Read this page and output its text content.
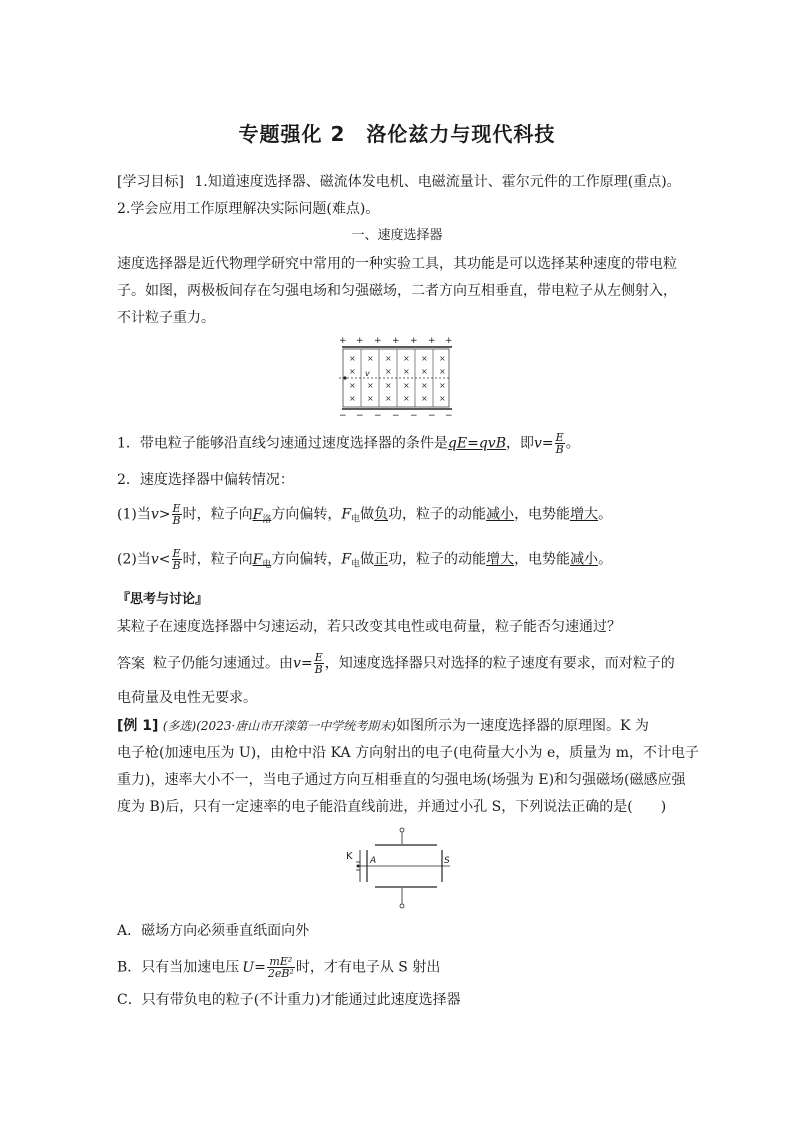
专题强化 2　洛伦兹力与现代科技
[学习目标] 1.知道速度选择器、磁流体发电机、电磁流量计、霍尔元件的工作原理(重点)。
2.学会应用工作原理解决实际问题(难点)。
一、速度选择器
速度选择器是近代物理学研究中常用的一种实验工具，其功能是可以选择某种速度的带电粒
子。如图，两极板间存在匀强电场和匀强磁场，二者方向互相垂直，带电粒子从左侧射入，
不计粒子重力。
+ + + + + + +
× × × × × ×
×	× × × ×
× × × × × ×
× × × × × ×
v
− − − − − − −
1．带电粒子能够沿直线匀速通过速度选择器的条件是qE=qvB，即$v= \frac{E}{B}$ 。
2．速度选择器中偏转情况：
(1)当$v> \frac{E}{B}$ 时，粒子向$F_洛$方向偏转，$F_电$做负功，粒子的动能减小，电势能增大。
(2)当$v< \frac{E}{B}$ 时，粒子向$F_电$方向偏转，$F_电$做正功，粒子的动能增大，电势能减小。
『思考与讨论』
某粒子在速度选择器中匀速运动，若只改变其电性或电荷量，粒子能否匀速通过？
答案 粒子仍能匀速通过。由$v= \frac{E}{B}$ ，知速度选择器只对选择的粒子速度有要求，而对粒子的
电荷量及电性无要求。
[例 1] (多选)(2023·唐山市开滦第一中学统考期末)如图所示为一速度选择器的原理图。K 为
电子枪(加速电压为 U)，由枪中沿 KA 方向射出的电子(电荷量大小为 e，质量为 m，不计电子
重力)，速率大小不一，当电子通过方向互相垂直的匀强电场(场强为 E)和匀强磁场(磁感应强
度为 B)后，只有一定速率的电子能沿直线前进，并通过小孔 S，下列说法正确的是(　　)
K A	S
A．磁场方向必须垂直纸面向外
B．只有当加速电压 $U= \frac{\text{mE²}}{\text{2eB²}}$ 时，才有电子从 S 射出
C．只有带负电的粒子(不计重力)才能通过此速度选择器
